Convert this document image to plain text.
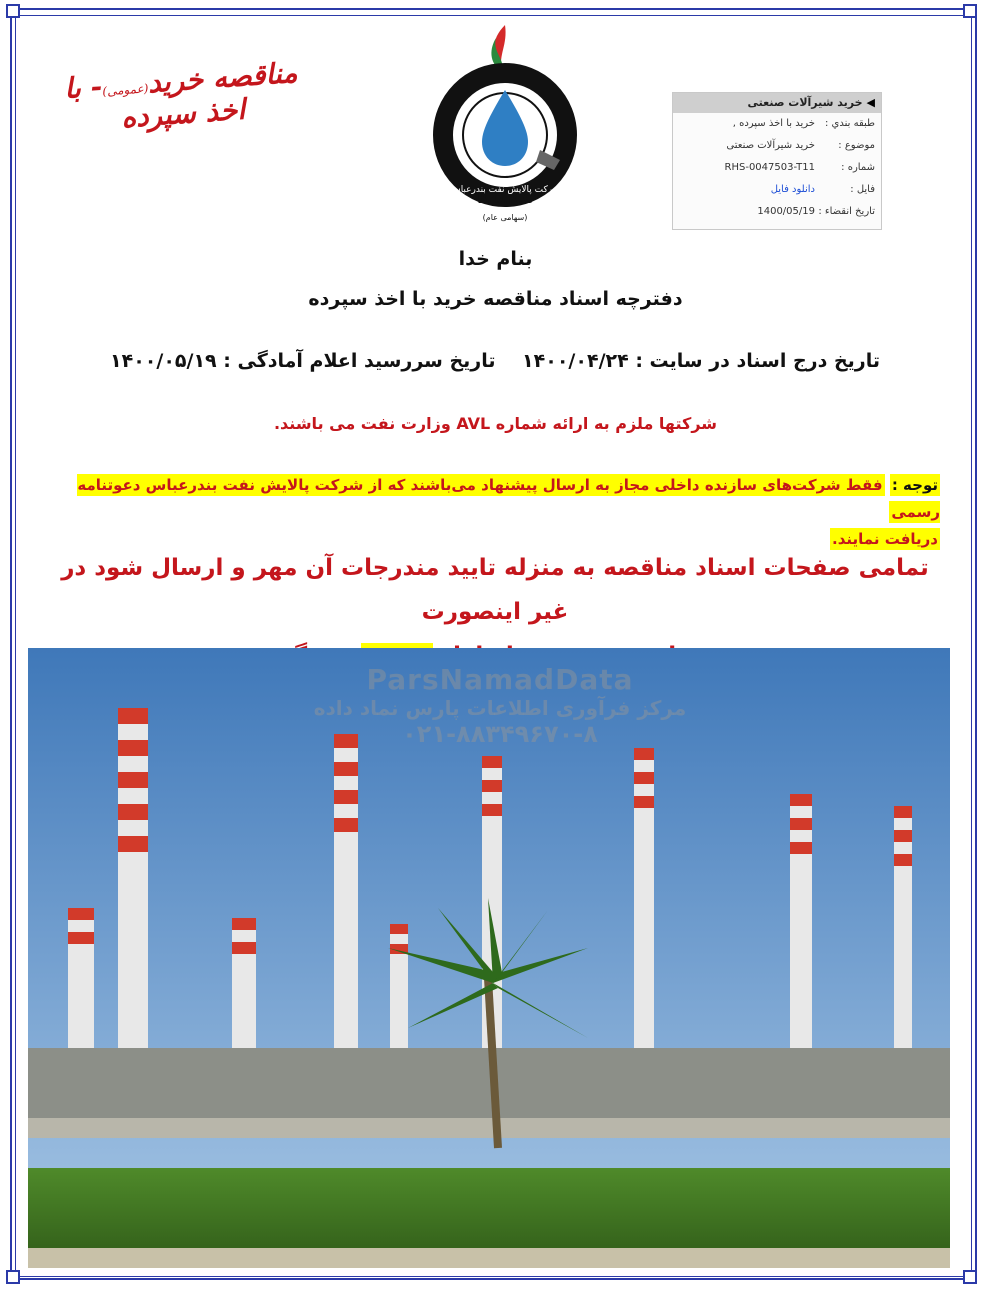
مناقصه خرید(عمومی)- با اخذ سپرده
B.O.R.C
شرکت پالایش نفت بندرعباس
(سهامی عام)
◀خرید شیرآلات صنعتی
طبقه بندي :خرید با اخذ سپرده ,
موضوع :خرید شیرآلات صنعتی
شماره :RHS-0047503-T11
فایل :دانلود فایل
تاریخ انقضاء :1400/05/19
بنام خدا
دفترچه اسناد مناقصه خرید با اخذ سپرده
تاریخ درج اسناد در سایت : ۱۴۰۰/۰۴/۲۴
تاریخ سررسید اعلام آمادگی : ۱۴۰۰/۰۵/۱۹
شرکتها ملزم به ارائه شماره AVL وزارت نفت می باشند.
توجه : فقط شرکت‌های سازنده داخلی مجاز به ارسال پیشنهاد می‌باشند که از شرکت پالایش نفت بندرعباس دعوتنامه رسمی
دریافت نمایند.
تمامی صفحات اسناد مناقصه به منزله تایید مندرجات آن مهر و ارسال شود در غیر اینصورت

ParsNamadData
مرکز فرآوری اطلاعات پارس نماد داده
۰۲۱-۸۸۳۴۹۶۷۰-۸
